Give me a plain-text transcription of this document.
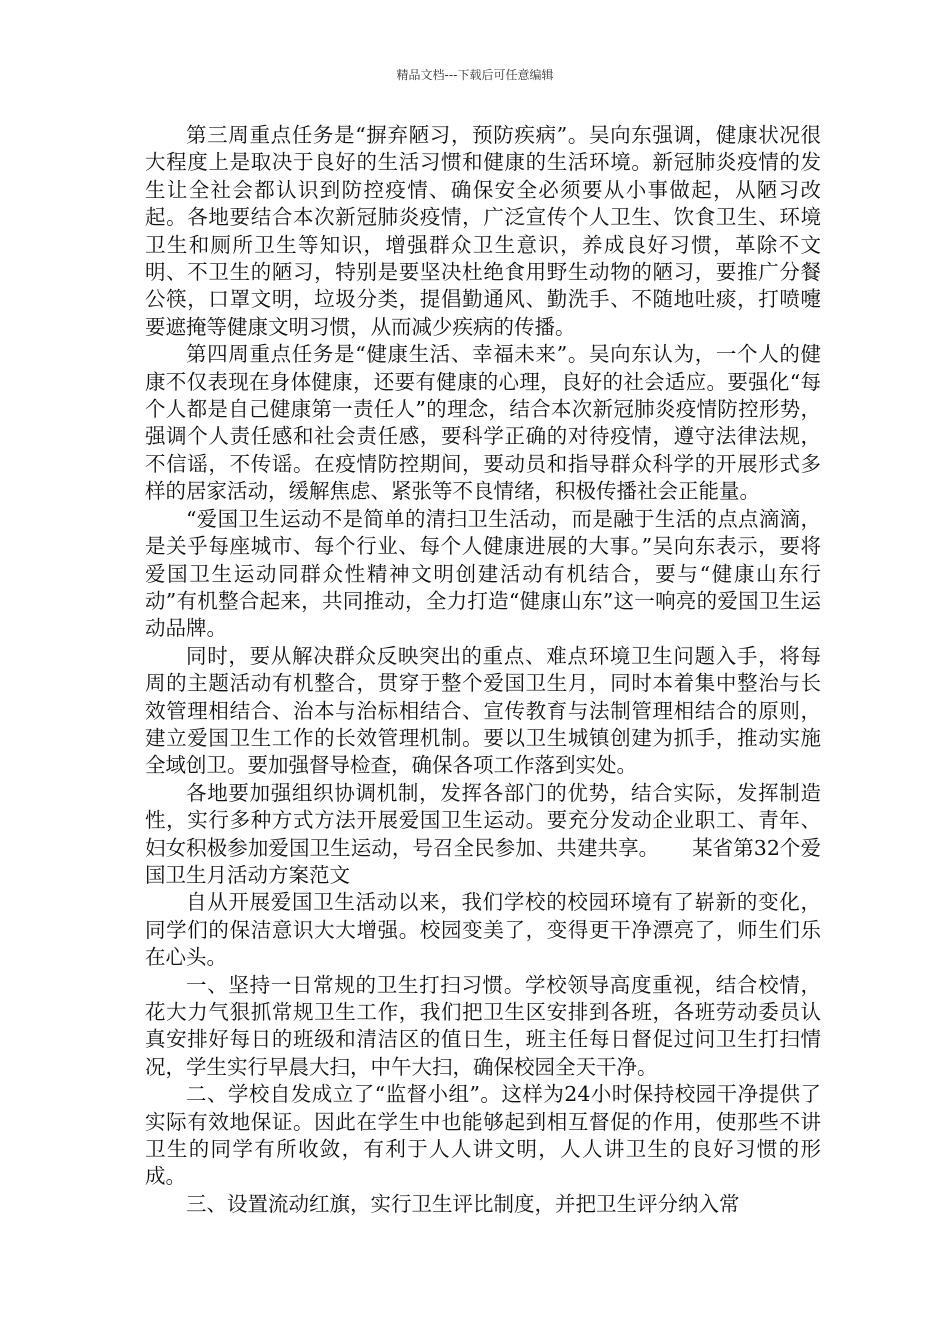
精品文档---下载后可任意编辑

第三周重点任务是“摒弃陋习，预防疾病”。吴向东强调，健康状况很大程度上是取决于良好的生活习惯和健康的生活环境。新冠肺炎疫情的发生让全社会都认识到防控疫情、确保安全必须要从小事做起，从陋习改起。各地要结合本次新冠肺炎疫情，广泛宣传个人卫生、饮食卫生、环境卫生和厕所卫生等知识，增强群众卫生意识，养成良好习惯，革除不文明、不卫生的陋习，特别是要坚决杜绝食用野生动物的陋习，要推广分餐公筷，口罩文明，垃圾分类，提倡勤通风、勤洗手、不随地吐痰，打喷嚏要遮掩等健康文明习惯，从而减少疾病的传播。

第四周重点任务是“健康生活、幸福未来”。吴向东认为，一个人的健康不仅表现在身体健康，还要有健康的心理，良好的社会适应。要强化“每个人都是自己健康第一责任人”的理念，结合本次新冠肺炎疫情防控形势，强调个人责任感和社会责任感，要科学正确的对待疫情，遵守法律法规，不信谣，不传谣。在疫情防控期间，要动员和指导群众科学的开展形式多样的居家活动，缓解焦虑、紧张等不良情绪，积极传播社会正能量。

“爱国卫生运动不是简单的清扫卫生活动，而是融于生活的点点滴滴，是关乎每座城市、每个行业、每个人健康进展的大事。”吴向东表示，要将爱国卫生运动同群众性精神文明创建活动有机结合，要与“健康山东行动”有机整合起来，共同推动，全力打造“健康山东”这一响亮的爱国卫生运动品牌。

同时，要从解决群众反映突出的重点、难点环境卫生问题入手，将每周的主题活动有机整合，贯穿于整个爱国卫生月，同时本着集中整治与长效管理相结合、治本与治标相结合、宣传教育与法制管理相结合的原则，建立爱国卫生工作的长效管理机制。要以卫生城镇创建为抓手，推动实施全域创卫。要加强督导检查，确保各项工作落到实处。

各地要加强组织协调机制，发挥各部门的优势，结合实际，发挥制造性，实行多种方式方法开展爱国卫生运动。要充分发动企业职工、青年、妇女积极参加爱国卫生运动，号召全民参加、共建共享。 某省第32个爱国卫生月活动方案范文

自从开展爱国卫生活动以来，我们学校的校园环境有了崭新的变化，同学们的保洁意识大大增强。校园变美了，变得更干净漂亮了，师生们乐在心头。

一、坚持一日常规的卫生打扫习惯。学校领导高度重视，结合校情，花大力气狠抓常规卫生工作，我们把卫生区安排到各班，各班劳动委员认真安排好每日的班级和清洁区的值日生，班主任每日督促过问卫生打扫情况，学生实行早晨大扫，中午大扫，确保校园全天干净。

二、学校自发成立了“监督小组”。这样为24小时保持校园干净提供了实际有效地保证。因此在学生中也能够起到相互督促的作用，使那些不讲卫生的同学有所收敛，有利于人人讲文明，人人讲卫生的良好习惯的形成。

三、设置流动红旗，实行卫生评比制度，并把卫生评分纳入常
